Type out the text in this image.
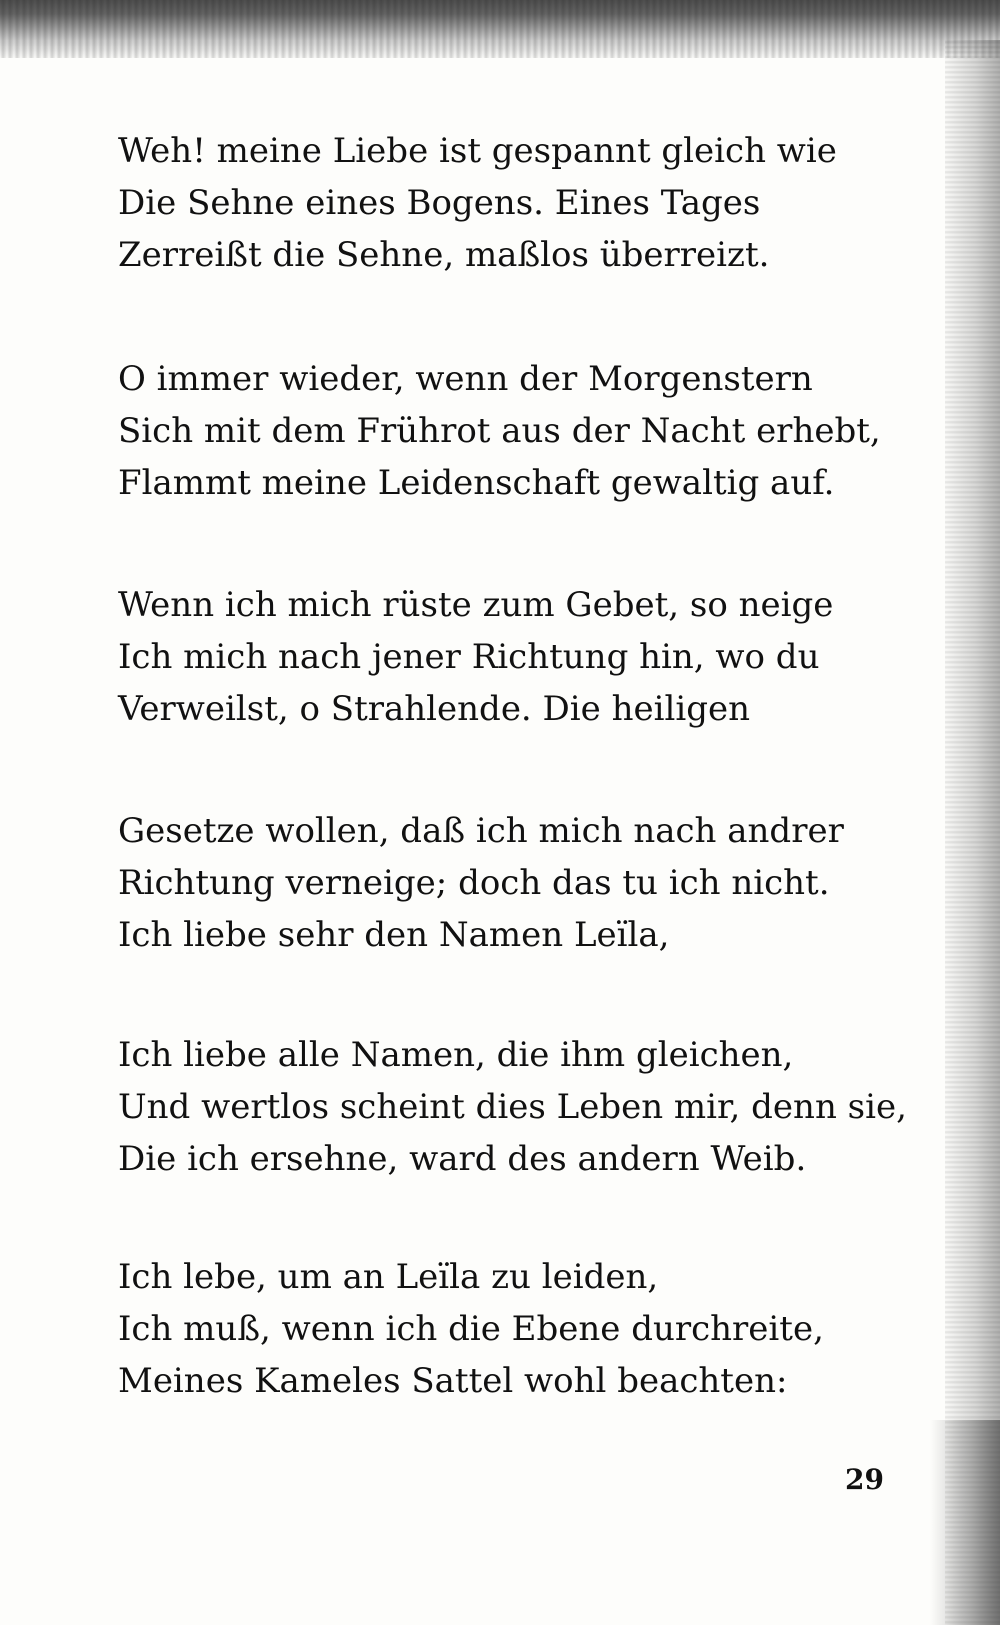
Weh! meine Liebe ist gespannt gleich wie
Die Sehne eines Bogens. Eines Tages
Zerreißt die Sehne, maßlos überreizt.
O immer wieder, wenn der Morgenstern
Sich mit dem Frührot aus der Nacht erhebt,
Flammt meine Leidenschaft gewaltig auf.
Wenn ich mich rüste zum Gebet, so neige
Ich mich nach jener Richtung hin, wo du
Verweilst, o Strahlende. Die heiligen
Gesetze wollen, daß ich mich nach andrer
Richtung verneige; doch das tu ich nicht.
Ich liebe sehr den Namen Leïla,
Ich liebe alle Namen, die ihm gleichen,
Und wertlos scheint dies Leben mir, denn sie,
Die ich ersehne, ward des andern Weib.
Ich lebe, um an Leïla zu leiden,
Ich muß, wenn ich die Ebene durchreite,
Meines Kameles Sattel wohl beachten:
29
